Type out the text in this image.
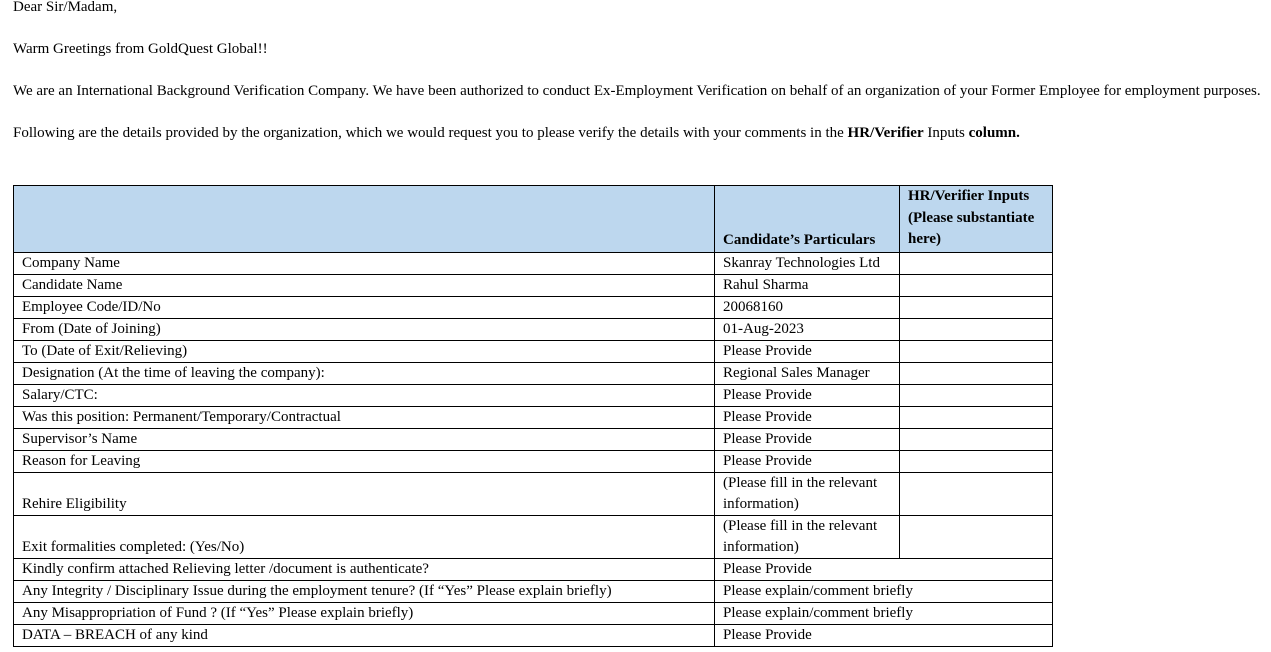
Dear Sir/Madam,
Warm Greetings from GoldQuest Global!!
We are an International Background Verification Company. We have been authorized to conduct Ex-Employment Verification on behalf of an organization of your Former Employee for employment purposes.
Following are the details provided by the organization, which we would request you to please verify the details with your comments in the HR/Verifier Inputs column.
	Candidate’s Particulars	HR/Verifier Inputs
(Please substantiate here)
Company Name	Skanray Technologies Ltd	
Candidate Name	Rahul Sharma	
Employee Code/ID/No	20068160	
From (Date of Joining)	01-Aug-2023	
To (Date of Exit/Relieving)	Please Provide	
Designation (At the time of leaving the company):	Regional Sales Manager	
Salary/CTC:	Please Provide	
Was this position: Permanent/Temporary/Contractual	Please Provide	
Supervisor’s Name	Please Provide	
Reason for Leaving	Please Provide	
Rehire Eligibility	(Please fill in the relevant information)	
Exit formalities completed: (Yes/No)	(Please fill in the relevant information)	
Kindly confirm attached Relieving letter /document is authenticate?	Please Provide	
Any Integrity / Disciplinary Issue during the employment tenure? (If “Yes” Please explain briefly)	Please explain/comment briefly	
Any Misappropriation of Fund ? (If “Yes” Please explain briefly)	Please explain/comment briefly	
DATA – BREACH of any kind	Please Provide	
